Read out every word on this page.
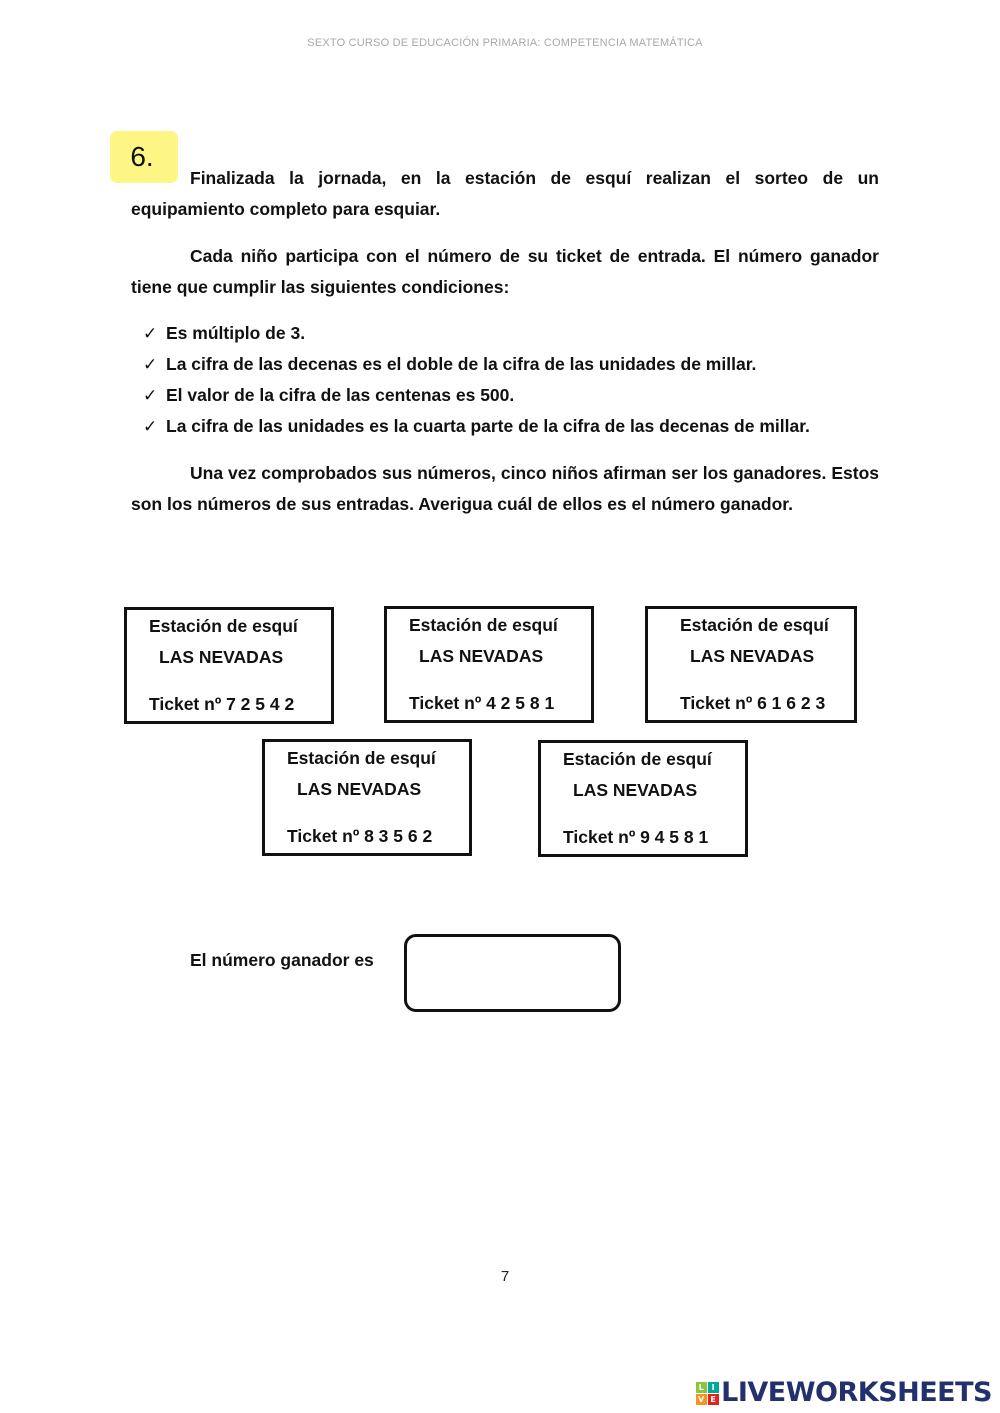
SEXTO CURSO DE EDUCACIÓN PRIMARIA: COMPETENCIA MATEMÁTICA
6.

Finalizada la jornada, en la estación de esquí realizan el sorteo de un equipamiento completo para esquiar.

Cada niño participa con el número de su ticket de entrada. El número ganador tiene que cumplir las siguientes condiciones:

✓ Es múltiplo de 3.
✓ La cifra de las decenas es el doble de la cifra de las unidades de millar.
✓ El valor de la cifra de las centenas es 500.
✓ La cifra de las unidades es la cuarta parte de la cifra de las decenas de millar.

Una vez comprobados sus números, cinco niños afirman ser los ganadores. Estos son los números de sus entradas. Averigua cuál de ellos es el número ganador.

Estación de esquí
LAS NEVADAS
Ticket nº 7 2 5 4 2
Estación de esquí
LAS NEVADAS
Ticket nº 4 2 5 8 1
Estación de esquí
LAS NEVADAS
Ticket nº 6 1 6 2 3
Estación de esquí
LAS NEVADAS
Ticket nº 8 3 5 6 2
Estación de esquí
LAS NEVADAS
Ticket nº 9 4 5 8 1
El número ganador es
7
L I
V E LIVEWORKSHEETS
